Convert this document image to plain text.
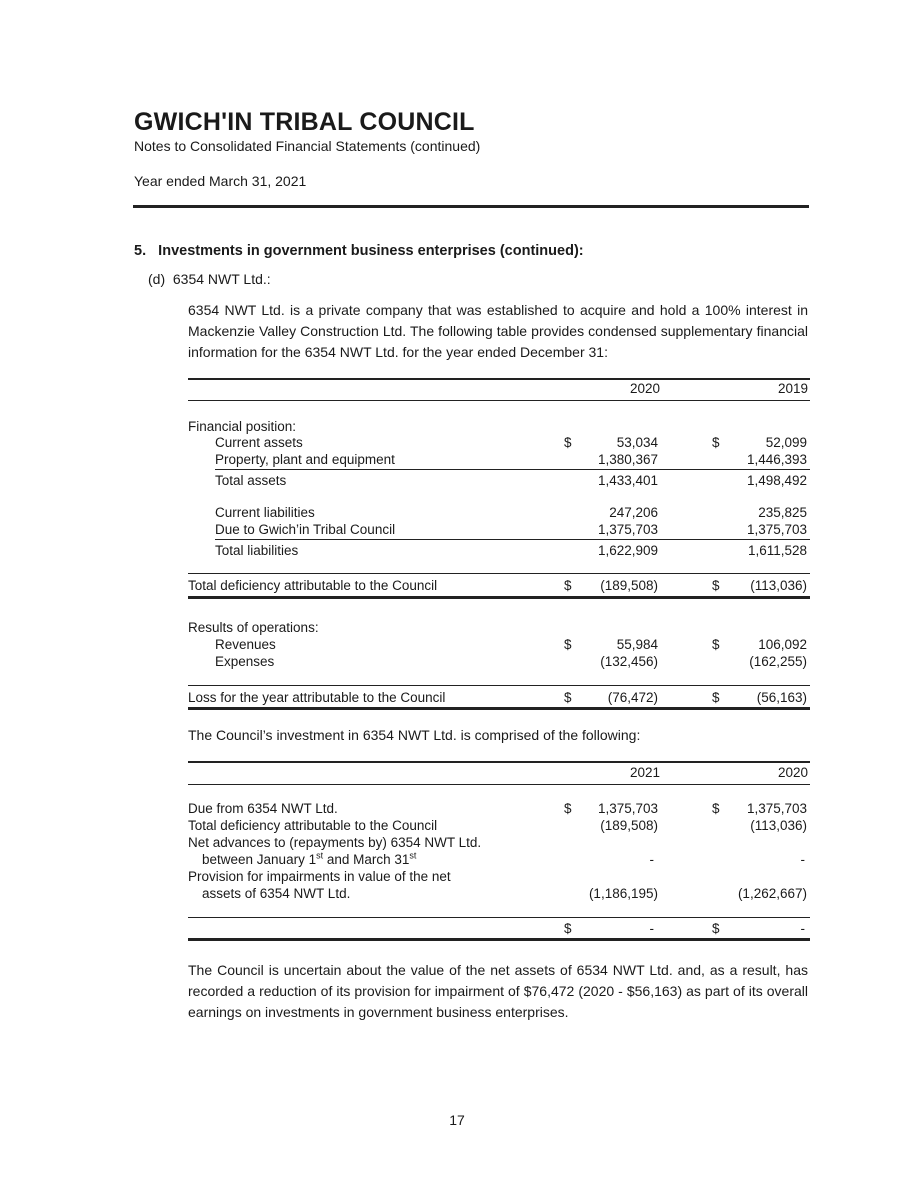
GWICH'IN TRIBAL COUNCIL
Notes to Consolidated Financial Statements (continued)
Year ended March 31, 2021
5.   Investments in government business enterprises (continued):
(d)  6354 NWT Ltd.:
6354 NWT Ltd. is a private company that was established to acquire and hold a 100% interest in Mackenzie Valley Construction Ltd. The following table provides condensed supplementary financial information for the 6354 NWT Ltd. for the year ended December 31:
2020	2019
Financial position:
Current assets	$	53,034	$	52,099
Property, plant and equipment	1,380,367	1,446,393
Total assets	1,433,401	1,498,492
Current liabilities	247,206	235,825
Due to Gwich’in Tribal Council	1,375,703	1,375,703
Total liabilities	1,622,909	1,611,528
Total deficiency attributable to the Council	$ (189,508)	$ (113,036)
Results of operations:
Revenues	$	55,984	$	106,092
Expenses	(132,456)	(162,255)
Loss for the year attributable to the Council	$	(76,472)	$	(56,163)
The Council’s investment in 6354 NWT Ltd. is comprised of the following:
2021	2020
Due from 6354 NWT Ltd.	$ 1,375,703	$ 1,375,703
Total deficiency attributable to the Council	(189,508)	(113,036)
Net advances to (repayments by) 6354 NWT Ltd.
between January 1st and March 31st	-	-
Provision for impairments in value of the net
assets of 6354 NWT Ltd.	(1,186,195)	(1,262,667)
$	-	$	-
The Council is uncertain about the value of the net assets of 6534 NWT Ltd. and, as a result, has recorded a reduction of its provision for impairment of $76,472 (2020 - $56,163) as part of its overall earnings on investments in government business enterprises.
17
